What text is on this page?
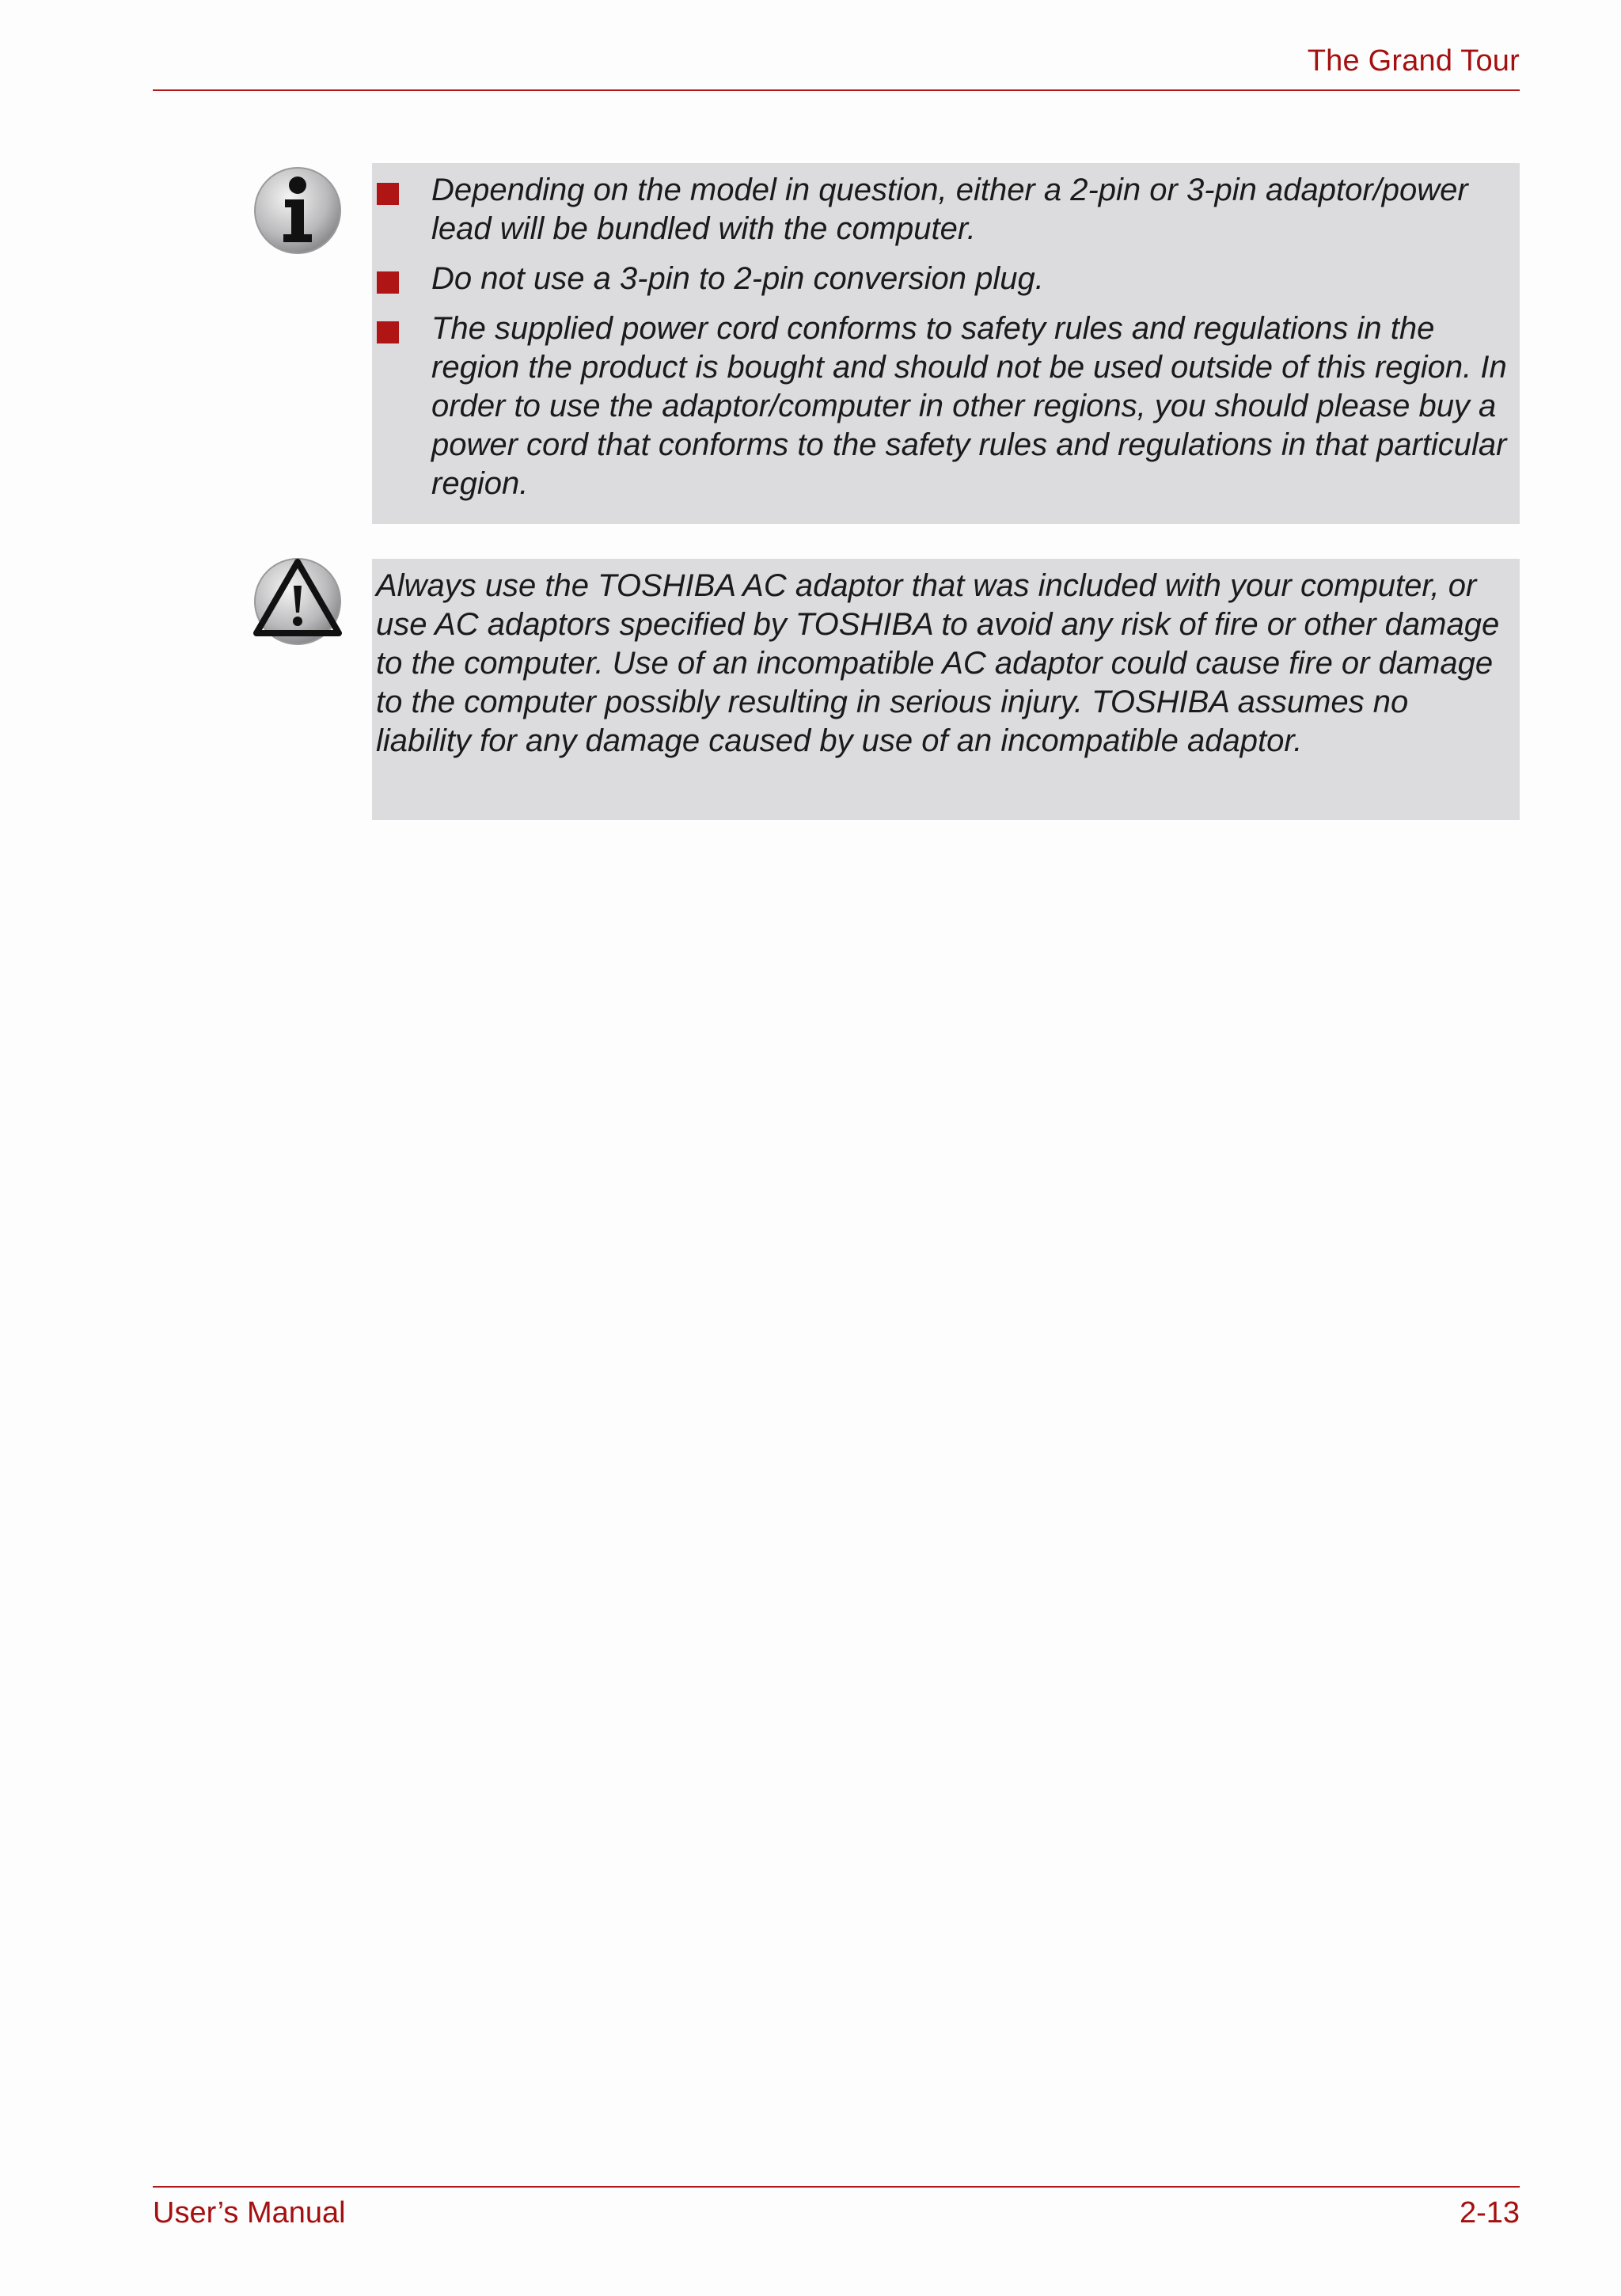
The Grand Tour
Depending on the model in question, either a 2-pin or 3-pin adaptor/power lead will be bundled with the computer.
Do not use a 3-pin to 2-pin conversion plug.
The supplied power cord conforms to safety rules and regulations in the region the product is bought and should not be used outside of this region. In order to use the adaptor/computer in other regions, you should please buy a power cord that conforms to the safety rules and regulations in that particular region.

Always use the TOSHIBA AC adaptor that was included with your computer, or use AC adaptors specified by TOSHIBA to avoid any risk of fire or other damage to the computer. Use of an incompatible AC adaptor could cause fire or damage to the computer possibly resulting in serious injury. TOSHIBA assumes no liability for any damage caused by use of an incompatible adaptor.

User’s Manual	2-13
